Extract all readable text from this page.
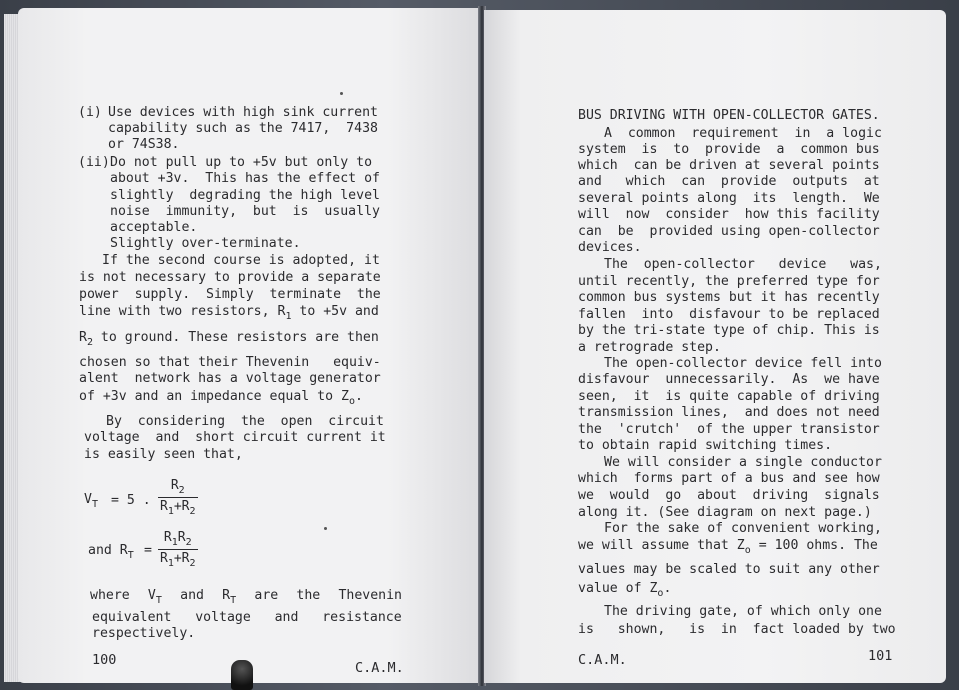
(i) Use devices with high sink current
capability such as the 7417,  7438
or 74S38.
(ii) Do not pull up to +5v but only to
about +3v.  This has the effect of
slightly  degrading the high level
noise  immunity,  but  is  usually
acceptable.
Slightly over-terminate.
If the second course is adopted, it
is not necessary to provide a separate
power  supply.  Simply  terminate  the
line with two resistors, $R_1$ to +5v and
$R_2$ to ground. These resistors are then
chosen so that their Thevenin   equiv-
alent  network has a voltage generator
of +3v and an impedance equal to $Z_o$.
By  considering  the  open  circuit
voltage  and  short circuit current it
is easily seen that,
$V_T = 5$ . $\frac{R_2}{R_1+R_2}$
and $R_T = \frac{R_1R_2}{R_1+R_2}$
where $V_T$ and $R_T$ are the Thevenin
equivalent   voltage   and   resistance
respectively.
100	C.A.M.
BUS DRIVING WITH OPEN-COLLECTOR GATES.
A  common  requirement  in  a logic
system  is  to  provide  a  common bus
which  can be driven at several points
and   which  can  provide  outputs  at
several points along  its  length.  We
will  now  consider  how this facility
can  be  provided using open-collector
devices.
The  open-collector   device   was,
until recently, the preferred type for
common bus systems but it has recently
fallen  into  disfavour to be replaced
by the tri-state type of chip. This is
a retrograde step.
The open-collector device fell into
disfavour  unnecessarily.  As  we have
seen,  it  is quite capable of driving
transmission lines,  and does not need
the  'crutch'  of the upper transistor
to obtain rapid switching times.
We will consider a single conductor
which  forms part of a bus and see how
we  would  go  about  driving  signals
along it. (See diagram on next page.)
For the sake of convenient working,
we will assume that $Z_o = 100$ ohms. The
values may be scaled to suit any other
value of $Z_o$.
The driving gate, of which only one
is   shown,   is  in  fact loaded by two
C.A.M.	101
